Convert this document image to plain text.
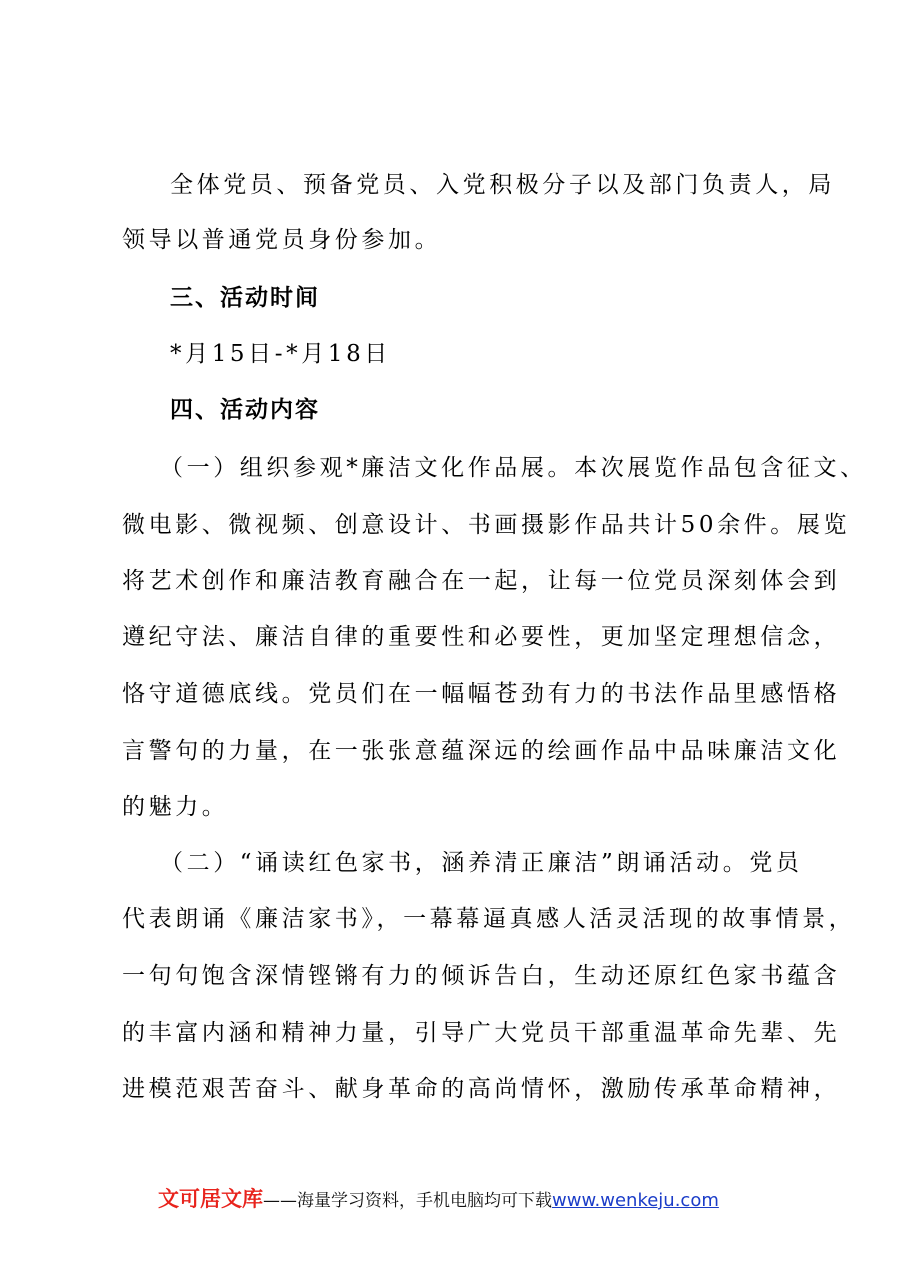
全体党员、预备党员、入党积极分子以及部门负责人，局
领导以普通党员身份参加。
三、活动时间
*月15日-*月18日
四、活动内容
（一）组织参观*廉洁文化作品展。本次展览作品包含征文、
微电影、微视频、创意设计、书画摄影作品共计50余件。展览
将艺术创作和廉洁教育融合在一起，让每一位党员深刻体会到
遵纪守法、廉洁自律的重要性和必要性，更加坚定理想信念，
恪守道德底线。党员们在一幅幅苍劲有力的书法作品里感悟格
言警句的力量，在一张张意蕴深远的绘画作品中品味廉洁文化
的魅力。
（二）“诵读红色家书，涵养清正廉洁”朗诵活动。党员
代表朗诵《廉洁家书》，一幕幕逼真感人活灵活现的故事情景，
一句句饱含深情铿锵有力的倾诉告白，生动还原红色家书蕴含
的丰富内涵和精神力量，引导广大党员干部重温革命先辈、先
进模范艰苦奋斗、献身革命的高尚情怀，激励传承革命精神，
文可居文库——海量学习资料，手机电脑均可下载www.wenkeju.com
